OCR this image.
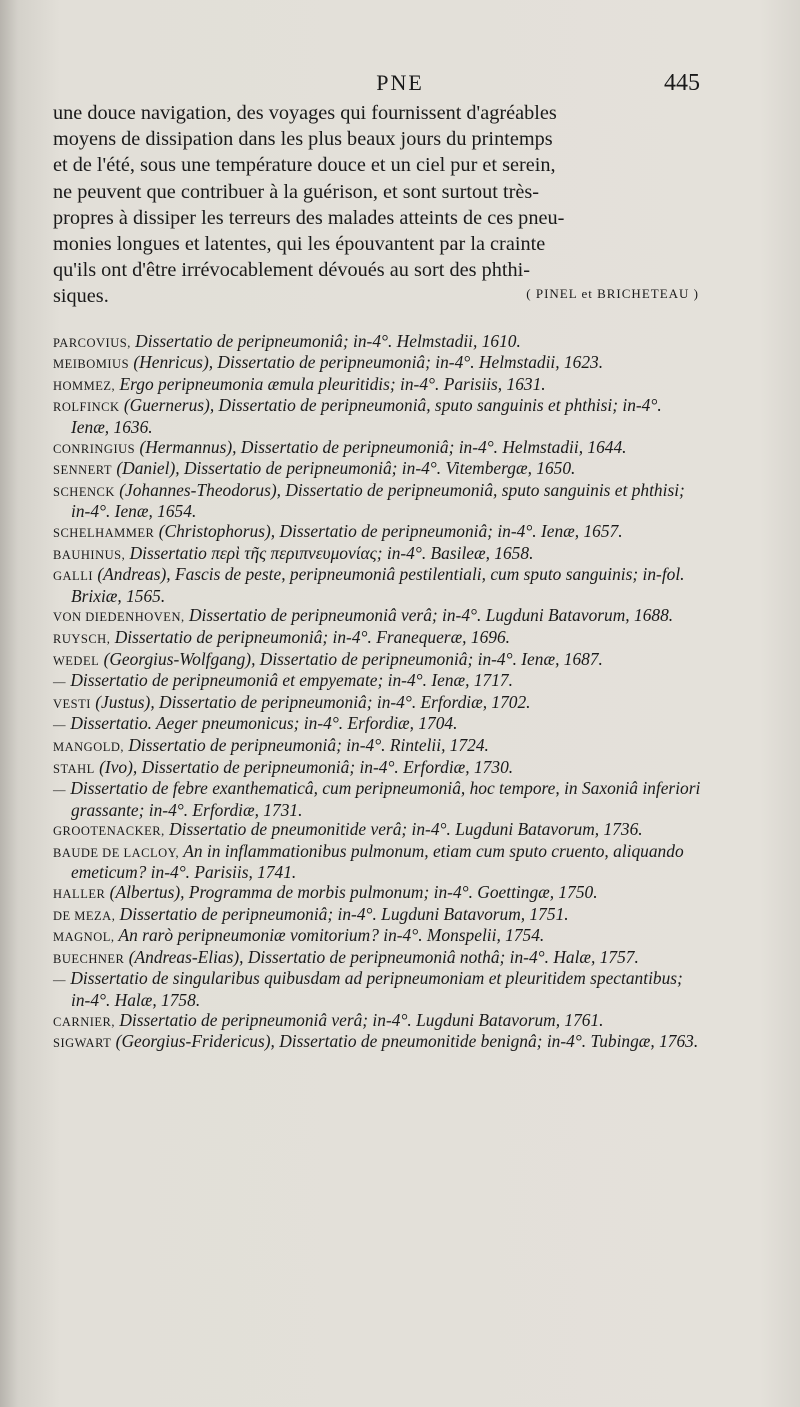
PNE	445

une douce navigation, des voyages qui fournissent d'agréables
moyens de dissipation dans les plus beaux jours du printemps
et de l'été, sous une température douce et un ciel pur et serein,
ne peuvent que contribuer à la guérison, et sont surtout très-
propres à dissiper les terreurs des malades atteints de ces pneu-
monies longues et latentes, qui les épouvantent par la crainte
qu'ils ont d'être irrévocablement dévoués au sort des phthi-
siques.	( PINEL et BRICHETEAU )

PARCOVIUS, Dissertatio de peripneumoniâ; in-4°. Helmstadii, 1610.

MEIBOMIUS (Henricus), Dissertatio de peripneumoniâ; in-4°. Helmstadii, 1623.

HOMMEZ, Ergo peripneumonia æmula pleuritidis; in-4°. Parisiis, 1631.

ROLFINCK (Guernerus), Dissertatio de peripneumoniâ, sputo sanguinis et phthisi; in-4°. Ienæ, 1636.

CONRINGIUS (Hermannus), Dissertatio de peripneumoniâ; in-4°. Helmstadii, 1644.

SENNERT (Daniel), Dissertatio de peripneumoniâ; in-4°. Vitembergæ, 1650.

SCHENCK (Johannes-Theodorus), Dissertatio de peripneumoniâ, sputo sanguinis et phthisi; in-4°. Ienæ, 1654.

SCHELHAMMER (Christophorus), Dissertatio de peripneumoniâ; in-4°. Ienæ, 1657.

BAUHINUS, Dissertatio περὶ τῆς περιπνευμονίας; in-4°. Basileæ, 1658.

GALLI (Andreas), Fascis de peste, peripneumoniâ pestilentiali, cum sputo sanguinis; in-fol. Brixiæ, 1565.

VON DIEDENHOVEN, Dissertatio de peripneumoniâ verâ; in-4°. Lugduni Batavorum, 1688.

RUYSCH, Dissertatio de peripneumoniâ; in-4°. Franequeræ, 1696.

WEDEL (Georgius-Wolfgang), Dissertatio de peripneumoniâ; in-4°. Ienæ, 1687.

— Dissertatio de peripneumoniâ et empyemate; in-4°. Ienæ, 1717.

VESTI (Justus), Dissertatio de peripneumoniâ; in-4°. Erfordiæ, 1702.

— Dissertatio. Aeger pneumonicus; in-4°. Erfordiæ, 1704.

MANGOLD, Dissertatio de peripneumoniâ; in-4°. Rintelii, 1724.

STAHL (Ivo), Dissertatio de peripneumoniâ; in-4°. Erfordiæ, 1730.

— Dissertatio de febre exanthematicâ, cum peripneumoniâ, hoc tempore, in Saxoniâ inferiori grassante; in-4°. Erfordiæ, 1731.

GROOTENACKER, Dissertatio de pneumonitide verâ; in-4°. Lugduni Batavorum, 1736.

BAUDE DE LACLOY, An in inflammationibus pulmonum, etiam cum sputo cruento, aliquando emeticum? in-4°. Parisiis, 1741.

HALLER (Albertus), Programma de morbis pulmonum; in-4°. Goettingæ, 1750.

DE MEZA, Dissertatio de peripneumoniâ; in-4°. Lugduni Batavorum, 1751.

MAGNOL, An rarò peripneumoniæ vomitorium? in-4°. Monspelii, 1754.

BUECHNER (Andreas-Elias), Dissertatio de peripneumoniâ nothâ; in-4°. Halæ, 1757.

— Dissertatio de singularibus quibusdam ad peripneumoniam et pleuritidem spectantibus; in-4°. Halæ, 1758.

CARNIER, Dissertatio de peripneumoniâ verâ; in-4°. Lugduni Batavorum, 1761.

SIGWART (Georgius-Fridericus), Dissertatio de pneumonitide benignâ; in-4°. Tubingæ, 1763.
